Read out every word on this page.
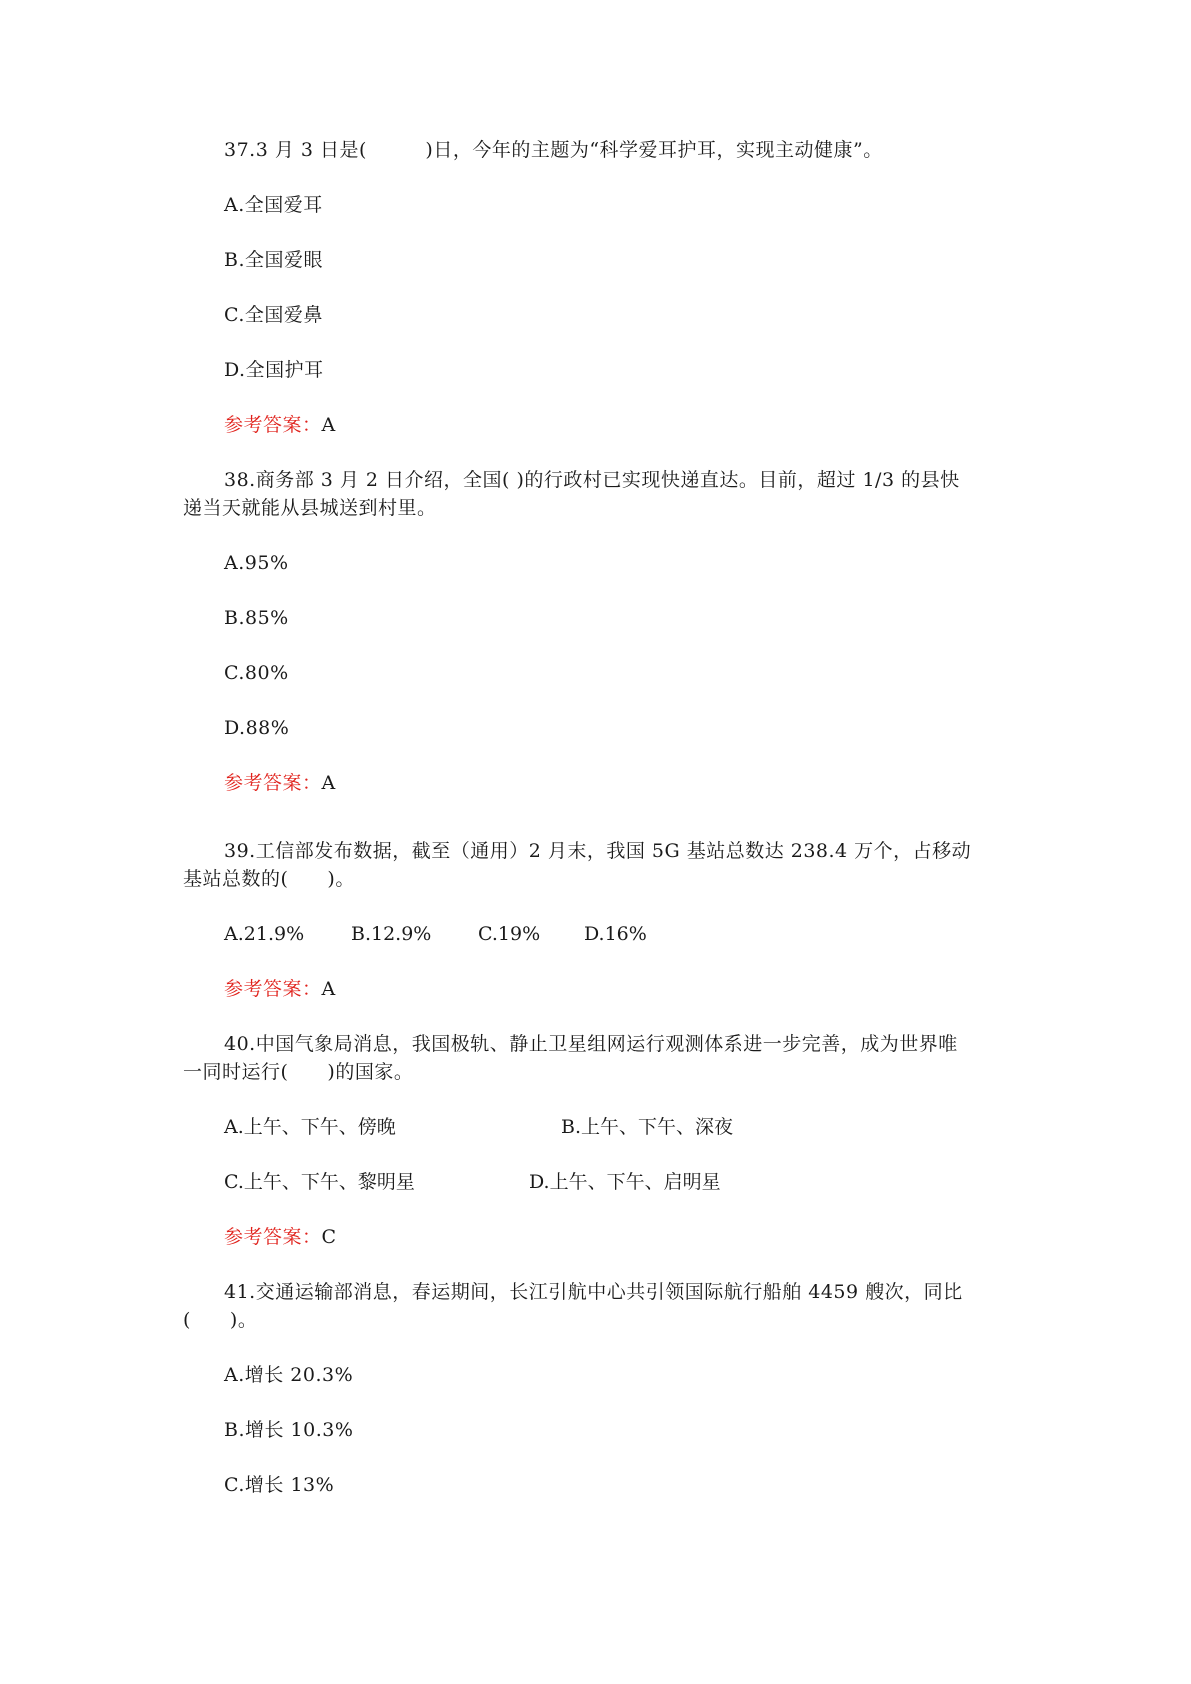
37.3 月 3 日是(　　　)日，今年的主题为“科学爱耳护耳，实现主动健康”。
A.全国爱耳
B.全国爱眼
C.全国爱鼻
D.全国护耳
参考答案：A
38.商务部 3 月 2 日介绍，全国( )的行政村已实现快递直达。目前，超过 1/3 的县快
递当天就能从县城送到村里。
A.95%
B.85%
C.80%
D.88%
参考答案：A
39.工信部发布数据，截至（通用）2 月末，我国 5G 基站总数达 238.4 万个，占移动
基站总数的(　　)。

A.21.9%

B.12.9%

C.19%

D.16%

参考答案：A
40.中国气象局消息，我国极轨、静止卫星组网运行观测体系进一步完善，成为世界唯
一同时运行(　　)的国家。

A.上午、下午、傍晚

	B.上午、下午、深夜

C.上午、下午、黎明星

	D.上午、下午、启明星

参考答案：C
41.交通运输部消息，春运期间，长江引航中心共引领国际航行船舶 4459 艘次，同比
(　　)。
A.增长 20.3%
B.增长 10.3%
C.增长 13%
